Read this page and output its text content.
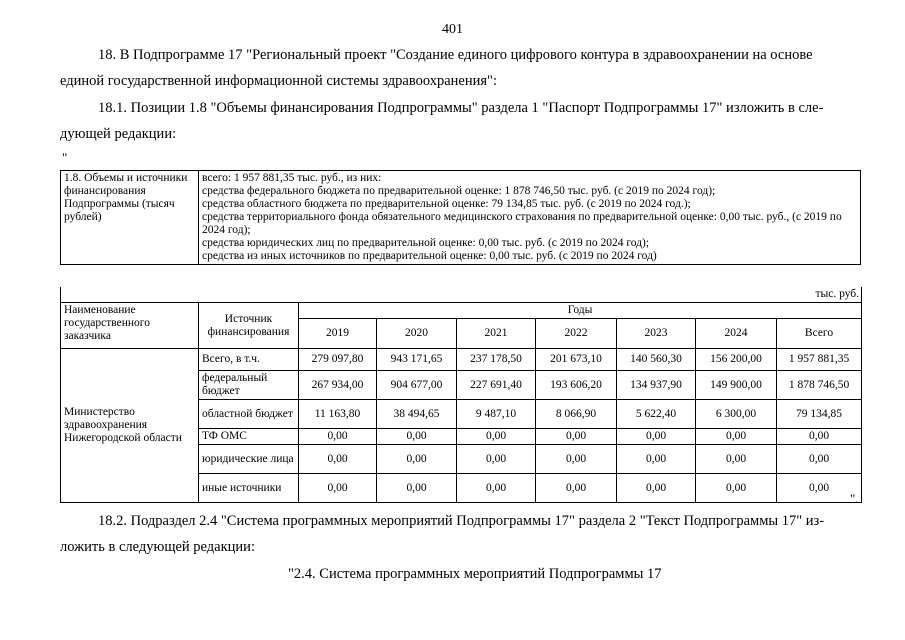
401
18. В Подпрограмме 17 "Региональный проект "Создание единого цифрового контура в здравоохранении на основе
единой государственной информационной системы здравоохранения":
18.1. Позиции 1.8 "Объемы финансирования Подпрограммы" раздела 1 "Паспорт Подпрограммы 17" изложить в сле-
дующей редакции:
"
1.8. Объемы и источники финансирования Подпрограммы (тысяч рублей)	
всего: 1 957 881,35 тыс. руб., из них:
средства федерального бюджета по предварительной оценке: 1 878 746,50 тыс. руб. (с 2019 по 2024 год);
средства областного бюджета по предварительной оценке: 79 134,85 тыс. руб. (с 2019 по 2024 год.);
средства территориального фонда обязательного медицинского страхования по предварительной оценке: 0,00 тыс. руб., (с 2019 по 2024 год);
средства юридических лиц по предварительной оценке: 0,00 тыс. руб. (с 2019 по 2024 год);
средства из иных источников по предварительной оценке: 0,00 тыс. руб. (с 2019 по 2024 год)
тыс. руб.								
Наименование государственного заказчика	Источник финансирования	Годы						
		2019	2020	2021	2022	2023	2024	Всего
Министерство здравоохранения Нижегородской области	Всего, в т.ч.	279 097,80	943 171,65	237 178,50	201 673,10	140 560,30	156 200,00	1 957 881,35
	федеральный бюджет	267 934,00	904 677,00	227 691,40	193 606,20	134 937,90	149 900,00	1 878 746,50
	областной бюджет	11 163,80	38 494,65	9 487,10	8 066,90	5 622,40	6 300,00	79 134,85
	ТФ ОМС	0,00	0,00	0,00	0,00	0,00	0,00	0,00
	юридические лица	0,00	0,00	0,00	0,00	0,00	0,00	0,00
	иные источники	0,00	0,00	0,00	0,00	0,00	0,00	0,00
".
18.2. Подраздел 2.4 "Система программных мероприятий Подпрограммы 17" раздела 2 "Текст Подпрограммы 17" из-
ложить в следующей редакции:
"2.4. Система программных мероприятий Подпрограммы 17
